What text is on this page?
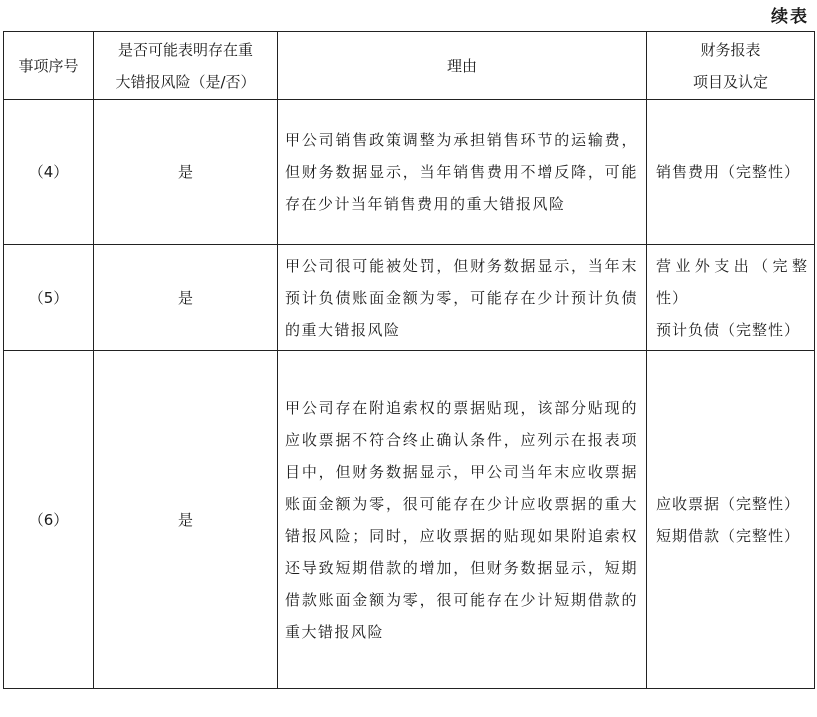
续表
事项序号	是否可能表明存在重
大错报风险（是/否）	理由	财务报表
项目及认定

（4）	是	甲公司销售政策调整为承担销售环节的运输费，但财务数据显示，当年销售费用不增反降，可能存在少计当年销售费用的重大错报风险	销售费用（完整性）

（5）	是	甲公司很可能被处罚，但财务数据显示，当年末预计负债账面金额为零，可能存在少计预计负债的重大错报风险	营业外支出（完整性）
预计负债（完整性）

（6）	是	甲公司存在附追索权的票据贴现，该部分贴现的应收票据不符合终止确认条件，应列示在报表项目中，但财务数据显示，甲公司当年末应收票据账面金额为零，很可能存在少计应收票据的重大错报风险；同时，应收票据的贴现如果附追索权还导致短期借款的增加，但财务数据显示，短期借款账面金额为零，很可能存在少计短期借款的重大错报风险	应收票据（完整性）
短期借款（完整性）
